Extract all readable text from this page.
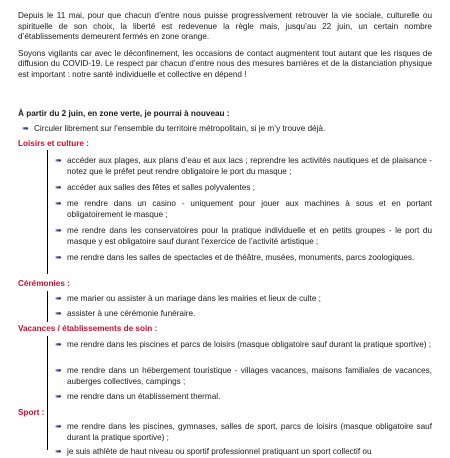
Depuis le 11 mai, pour que chacun d’entre nous puisse progressivement retrouver la vie sociale, culturelle ou spirituelle de son choix, la liberté est redevenue la règle mais, jusqu’au 22 juin, un certain nombre d’établissements demeurent fermés en zone orange.

Soyons vigilants car avec le déconfinement, les occasions de contact augmentent tout autant que les risques de diffusion du COVID-19. Le respect par chacun d’entre nous des mesures barrières et de la distanciation physique est important : notre santé individuelle et collective en dépend !

À partir du 2 juin, en zone verte, je pourrai à nouveau :
➠ Circuler librement sur l’ensemble du territoire métropolitain, si je m’y trouve déjà.
Loisirs et culture :
➠ accéder aux plages, aux plans d’eau et aux lacs ; reprendre les activités nautiques et de plaisance - notez que le préfet peut rendre obligatoire le port du masque ;
➠ accéder aux salles des fêtes et salles polyvalentes ;
➠ me rendre dans un casino - uniquement pour jouer aux machines à sous et en portant obligatoirement le masque ;
➠ me rendre dans les conservatoires pour la pratique individuelle et en petits groupes - le port du masque y est obligatoire sauf durant l’exercice de l’activité artistique ;
➠ me rendre dans les salles de spectacles et de théâtre, musées, monuments, parcs zoologiques.
Cérémonies :
➠ me marier ou assister à un mariage dans les mairies et lieux de culte ;
➠ assister à une cérémonie funéraire.
Vacances / établissements de soin :
➠ me rendre dans les piscines et parcs de loisirs (masque obligatoire sauf durant la pratique sportive) ;
➠ me rendre dans un hébergement touristique - villages vacances, maisons familiales de vacances, auberges collectives, campings ;
➠ me rendre dans un établissement thermal.
Sport :
➠ me rendre dans les piscines, gymnases, salles de sport, parcs de loisirs (masque obligatoire sauf durant la pratique sportive) ;
➠ je suis athlète de haut niveau ou sportif professionnel pratiquant un sport collectif ou
